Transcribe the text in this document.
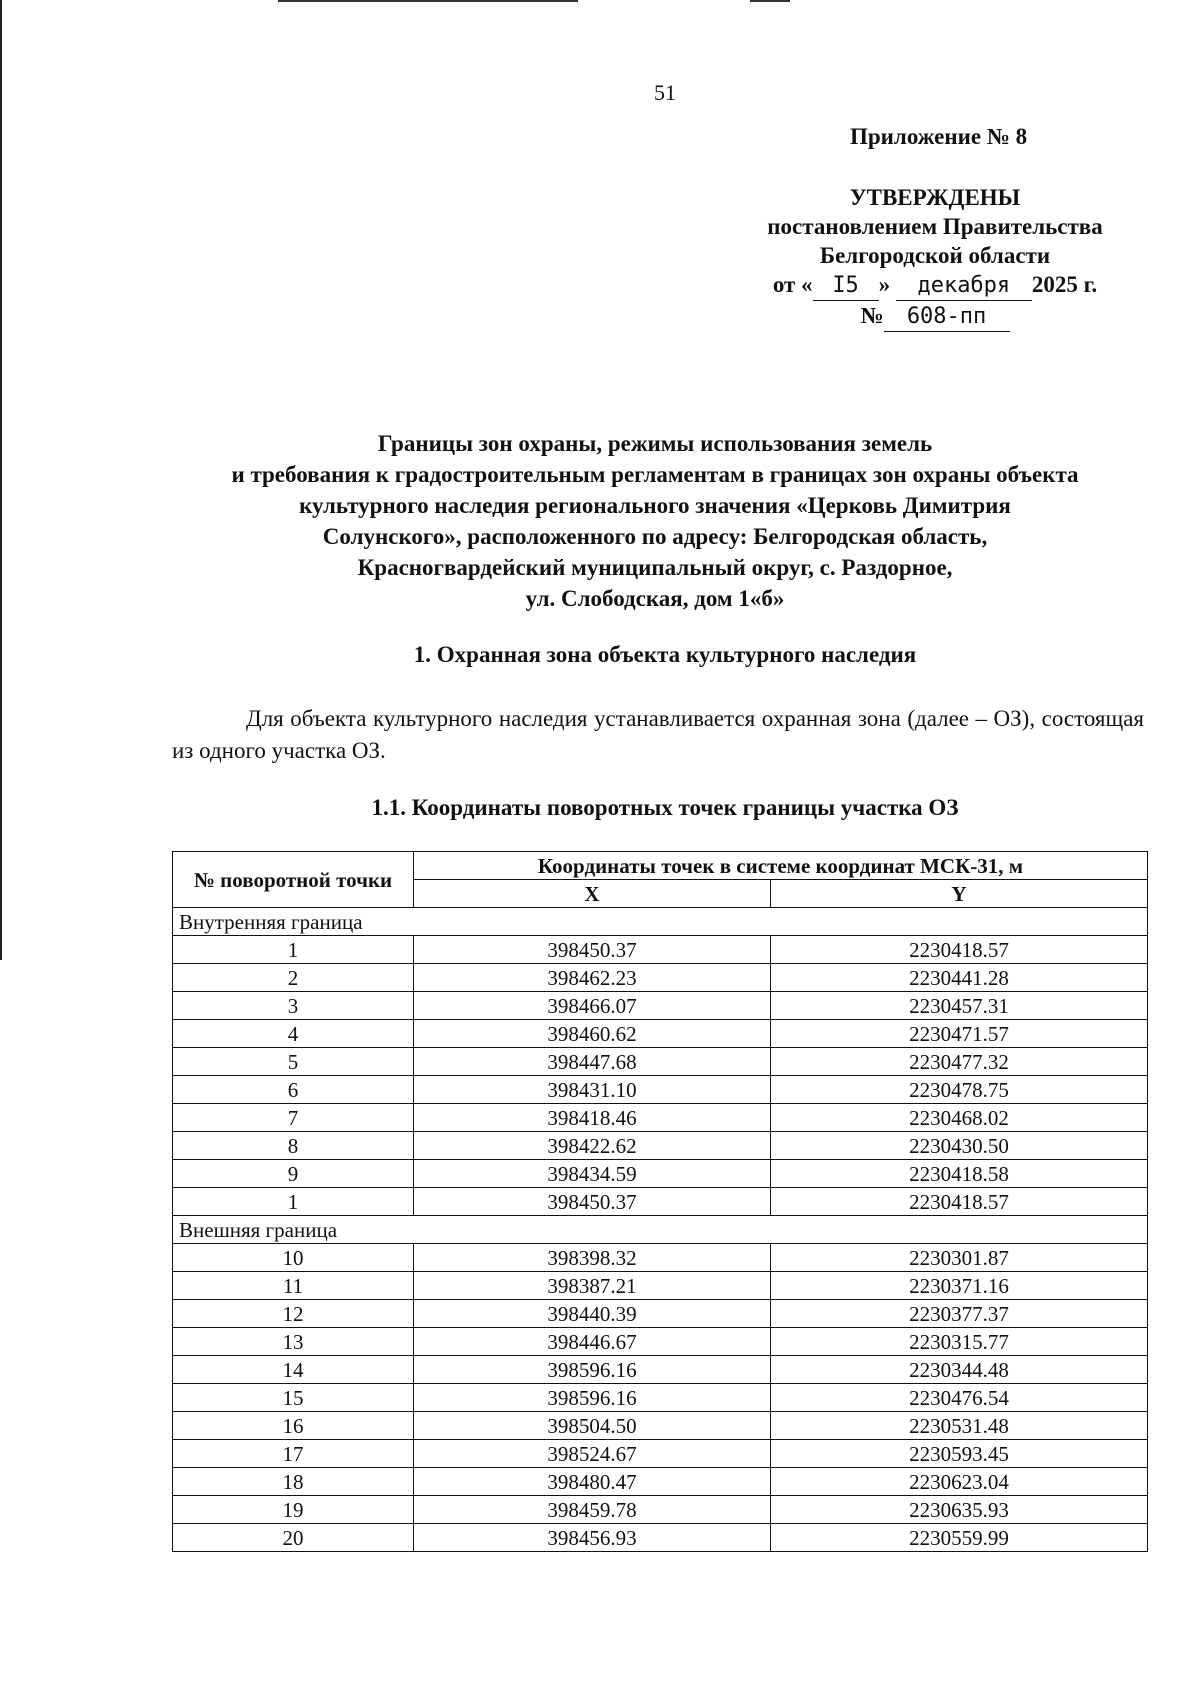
51
Приложение № 8
УТВЕРЖДЕНЫ
постановлением Правительства
Белгородской области
от « I5 » декабря 2025 г.
№ 608-пп
Границы зон охраны, режимы использования земель
и требования к градостроительным регламентам в границах зон охраны объекта
культурного наследия регионального значения «Церковь Димитрия
Солунского», расположенного по адресу: Белгородская область,
Красногвардейский муниципальный округ, с. Раздорное,
ул. Слободская, дом 1«б»
1. Охранная зона объекта культурного наследия
Для объекта культурного наследия устанавливается охранная зона (далее – ОЗ), состоящая из одного участка ОЗ.
1.1. Координаты поворотных точек границы участка ОЗ
№ поворотной точки	Координаты точек в системе координат МСК-31, м	
	X	Y
Внутренняя граница		
1	398450.37	2230418.57
2	398462.23	2230441.28
3	398466.07	2230457.31
4	398460.62	2230471.57
5	398447.68	2230477.32
6	398431.10	2230478.75
7	398418.46	2230468.02
8	398422.62	2230430.50
9	398434.59	2230418.58
1	398450.37	2230418.57
Внешняя граница		
10	398398.32	2230301.87
11	398387.21	2230371.16
12	398440.39	2230377.37
13	398446.67	2230315.77
14	398596.16	2230344.48
15	398596.16	2230476.54
16	398504.50	2230531.48
17	398524.67	2230593.45
18	398480.47	2230623.04
19	398459.78	2230635.93
20	398456.93	2230559.99
